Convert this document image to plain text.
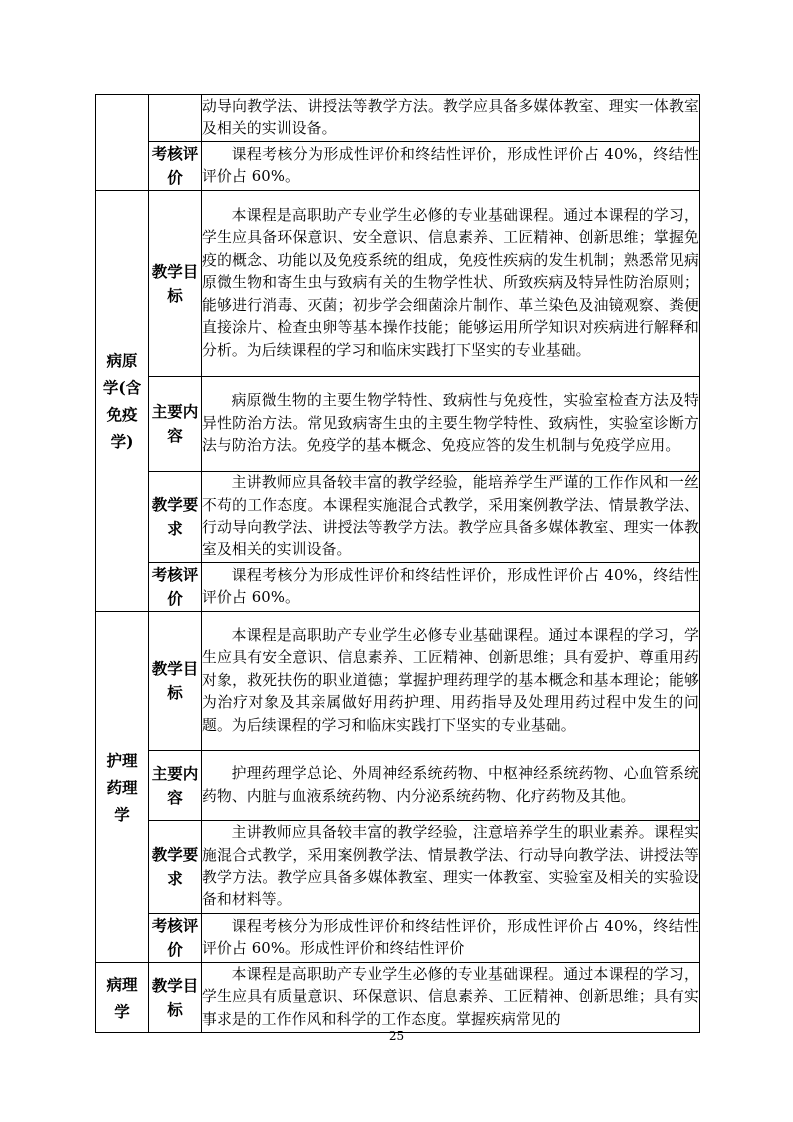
		动导向教学法、讲授法等教学方法。教学应具备多媒体教室、理实一体教室及相关的实训设备。
	考核评价	课程考核分为形成性评价和终结性评价，形成性评价占 40%，终结性评价占 60%。

病原学(含免疫学)	教学目标	本课程是高职助产专业学生必修的专业基础课程。通过本课程的学习，学生应具备环保意识、安全意识、信息素养、工匠精神、创新思维；掌握免疫的概念、功能以及免疫系统的组成，免疫性疾病的发生机制；熟悉常见病原微生物和寄生虫与致病有关的生物学性状、所致疾病及特异性防治原则；能够进行消毒、灭菌；初步学会细菌涂片制作、革兰染色及油镜观察、粪便直接涂片、检查虫卵等基本操作技能；能够运用所学知识对疾病进行解释和分析。为后续课程的学习和临床实践打下坚实的专业基础。
	主要内容	病原微生物的主要生物学特性、致病性与免疫性，实验室检查方法及特异性防治方法。常见致病寄生虫的主要生物学特性、致病性，实验室诊断方法与防治方法。免疫学的基本概念、免疫应答的发生机制与免疫学应用。
	教学要求	主讲教师应具备较丰富的教学经验，能培养学生严谨的工作作风和一丝不苟的工作态度。本课程实施混合式教学，采用案例教学法、情景教学法、行动导向教学法、讲授法等教学方法。教学应具备多媒体教室、理实一体教室及相关的实训设备。
	考核评价	课程考核分为形成性评价和终结性评价，形成性评价占 40%，终结性评价占 60%。

护理药理学	教学目标	本课程是高职助产专业学生必修专业基础课程。通过本课程的学习，学生应具有安全意识、信息素养、工匠精神、创新思维；具有爱护、尊重用药对象，救死扶伤的职业道德；掌握护理药理学的基本概念和基本理论；能够为治疗对象及其亲属做好用药护理、用药指导及处理用药过程中发生的问题。为后续课程的学习和临床实践打下坚实的专业基础。
	主要内容	护理药理学总论、外周神经系统药物、中枢神经系统药物、心血管系统药物、内脏与血液系统药物、内分泌系统药物、化疗药物及其他。
	教学要求	主讲教师应具备较丰富的教学经验，注意培养学生的职业素养。课程实施混合式教学，采用案例教学法、情景教学法、行动导向教学法、讲授法等教学方法。教学应具备多媒体教室、理实一体教室、实验室及相关的实验设备和材料等。
	考核评价	课程考核分为形成性评价和终结性评价，形成性评价占 40%，终结性评价占 60%。形成性评价和终结性评价

病理学	教学目标	本课程是高职助产专业学生必修的专业基础课程。通过本课程的学习，学生应具有质量意识、环保意识、信息素养、工匠精神、创新思维；具有实事求是的工作作风和科学的工作态度。掌握疾病常见的
25
